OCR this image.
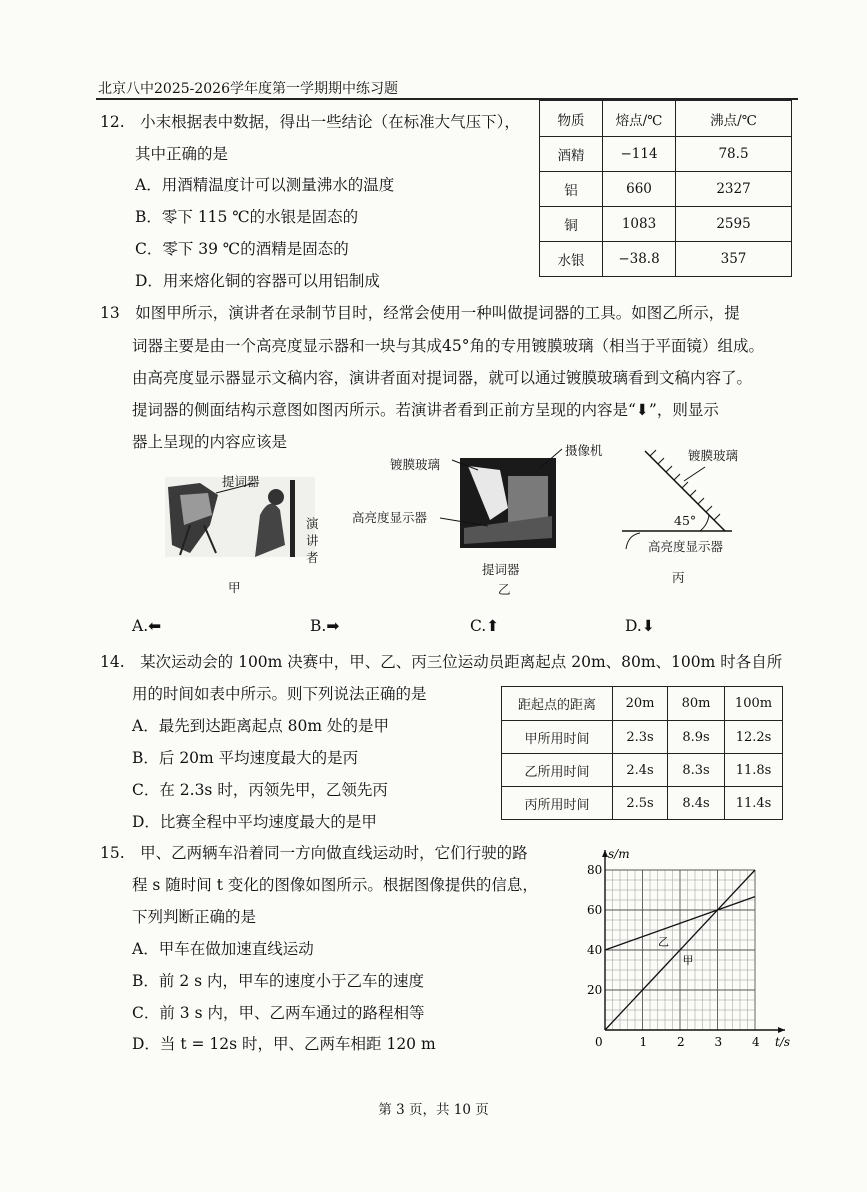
北京八中2025-2026学年度第一学期期中练习题
12.　小末根据表中数据，得出一些结论（在标准大气压下），
其中正确的是
A．用酒精温度计可以测量沸水的温度
B．零下 115 ℃的水银是固态的
C．零下 39 ℃的酒精是固态的
D．用来熔化铜的容器可以用铝制成
物质	熔点/℃	沸点/℃
酒精	−114	78.5
铝	660	2327
铜	1083	2595
水银	−38.8	357
13　如图甲所示，演讲者在录制节目时，经常会使用一种叫做提词器的工具。如图乙所示，提
词器主要是由一个高亮度显示器和一块与其成45°角的专用镀膜玻璃（相当于平面镜）组成。
由高亮度显示器显示文稿内容，演讲者面对提词器，就可以通过镀膜玻璃看到文稿内容了。
提词器的侧面结构示意图如图丙所示。若演讲者看到正前方呈现的内容是“⬇”，则显示
器上呈现的内容应该是
提词器
演
讲
者
甲
镀膜玻璃
摄像机
高亮度显示器
提词器
乙
镀膜玻璃
45°
高亮度显示器
丙
A.⬅	B.➡	C.⬆	D.⬇
14.　某次运动会的 100m 决赛中，甲、乙、丙三位运动员距离起点 20m、80m、100m 时各自所
用的时间如表中所示。则下列说法正确的是
A．最先到达距离起点 80m 处的是甲
B．后 20m 平均速度最大的是丙
C．在 2.3s 时，丙领先甲，乙领先丙
D．比赛全程中平均速度最大的是甲
距起点的距离	20m	80m	100m
甲所用时间	2.3s	8.9s	12.2s
乙所用时间	2.4s	8.3s	11.8s
丙所用时间	2.5s	8.4s	11.4s
15.　甲、乙两辆车沿着同一方向做直线运动时，它们行驶的路
程 s 随时间 t 变化的图像如图所示。根据图像提供的信息，
下列判断正确的是
A．甲车在做加速直线运动
B．前 2 s 内，甲车的速度小于乙车的速度
C．前 3 s 内，甲、乙两车通过的路程相等
D．当 t = 12s 时，甲、乙两车相距 120 m	0	1 2 3 4
20
40
60
80
t/s
s/m
甲
乙
第 3 页，共 10 页
